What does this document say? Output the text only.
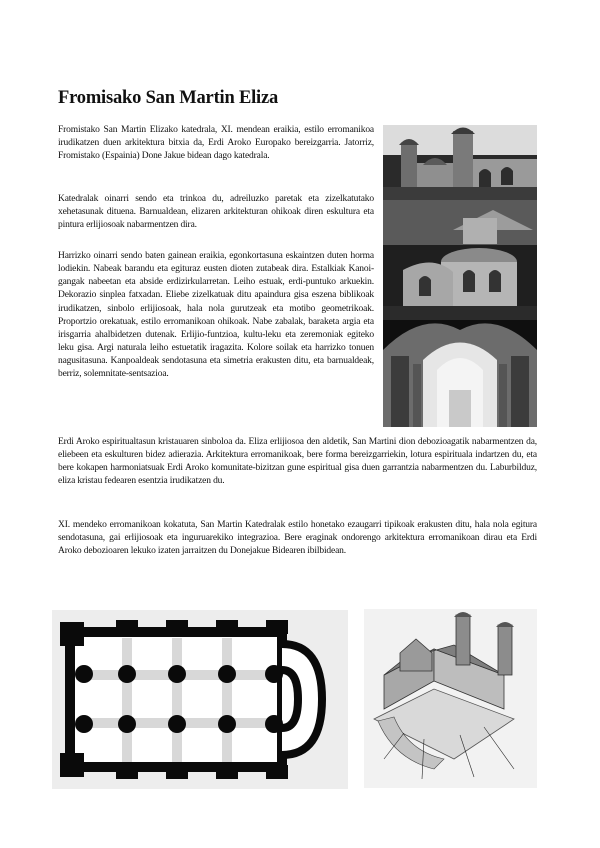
Fromisako San Martin Eliza

Fromistako San Martin Elizako katedrala, XI. mendean eraikia, estilo erromanikoa irudikatzen duen arkitektura bitxia da, Erdi Aroko Europako bereizgarria. Jatorriz, Fromistako (Espainia) Done Jakue bidean dago katedrala.

Katedralak oinarri sendo eta trinkoa du, adreiluzko paretak eta zizelkatutako xehetasunak dituena. Barnualdean, elizaren arkitekturan ohikoak diren eskultura eta pintura erlijiosoak nabarmentzen dira.

Harrizko oinarri sendo baten gainean eraikia, egonkortasuna eskaintzen duten horma lodiekin. Nabeak barandu eta egituraz eusten dioten zutabeak dira. Estalkiak Kanoi-gangak nabeetan eta abside erdizirkularretan. Leiho estuak, erdi-puntuko arkuekin. Dekorazio sinplea fatxadan. Eliebe zizelkatuak ditu apaindura gisa eszena biblikoak irudikatzen, sinbolo erlijiosoak, hala nola gurutzeak eta motibo geometrikoak. Proportzio orekatuak, estilo erromanikoan ohikoak. Nabe zabalak, baraketa argia eta irisgarria ahalbidetzen dutenak. Erlijio-funtzioa, kultu-leku eta zeremoniak egiteko leku gisa. Argi naturala leiho estuetatik iragazita. Kolore soilak eta harrizko tonuen nagusitasuna. Kanpoaldeak sendotasuna eta simetria erakusten ditu, eta barnualdeak, berriz, solemnitate-sentsazioa.

Erdi Aroko espiritualtasun kristauaren sinboloa da. Eliza erlijiosoa den aldetik, San Martini dion debozioagatik nabarmentzen da, eliebeen eta eskulturen bidez adierazia. Arkitektura erromanikoak, bere forma bereizgarriekin, lotura espirituala indartzen du, eta bere kokapen harmoniatsuak Erdi Aroko komunitate-bizitzan gune espiritual gisa duen garrantzia nabarmentzen du. Laburbilduz, eliza kristau fedearen esentzia irudikatzen du.

XI. mendeko erromanikoan kokatuta, San Martin Katedralak estilo honetako ezaugarri tipikoak erakusten ditu, hala nola egitura sendotasuna, gai erlijiosoak eta inguruarekiko integrazioa. Bere eraginak ondorengo arkitektura erromanikoan dirau eta Erdi Aroko debozioaren lekuko izaten jarraitzen du Donejakue Bidearen ibilbidean.
